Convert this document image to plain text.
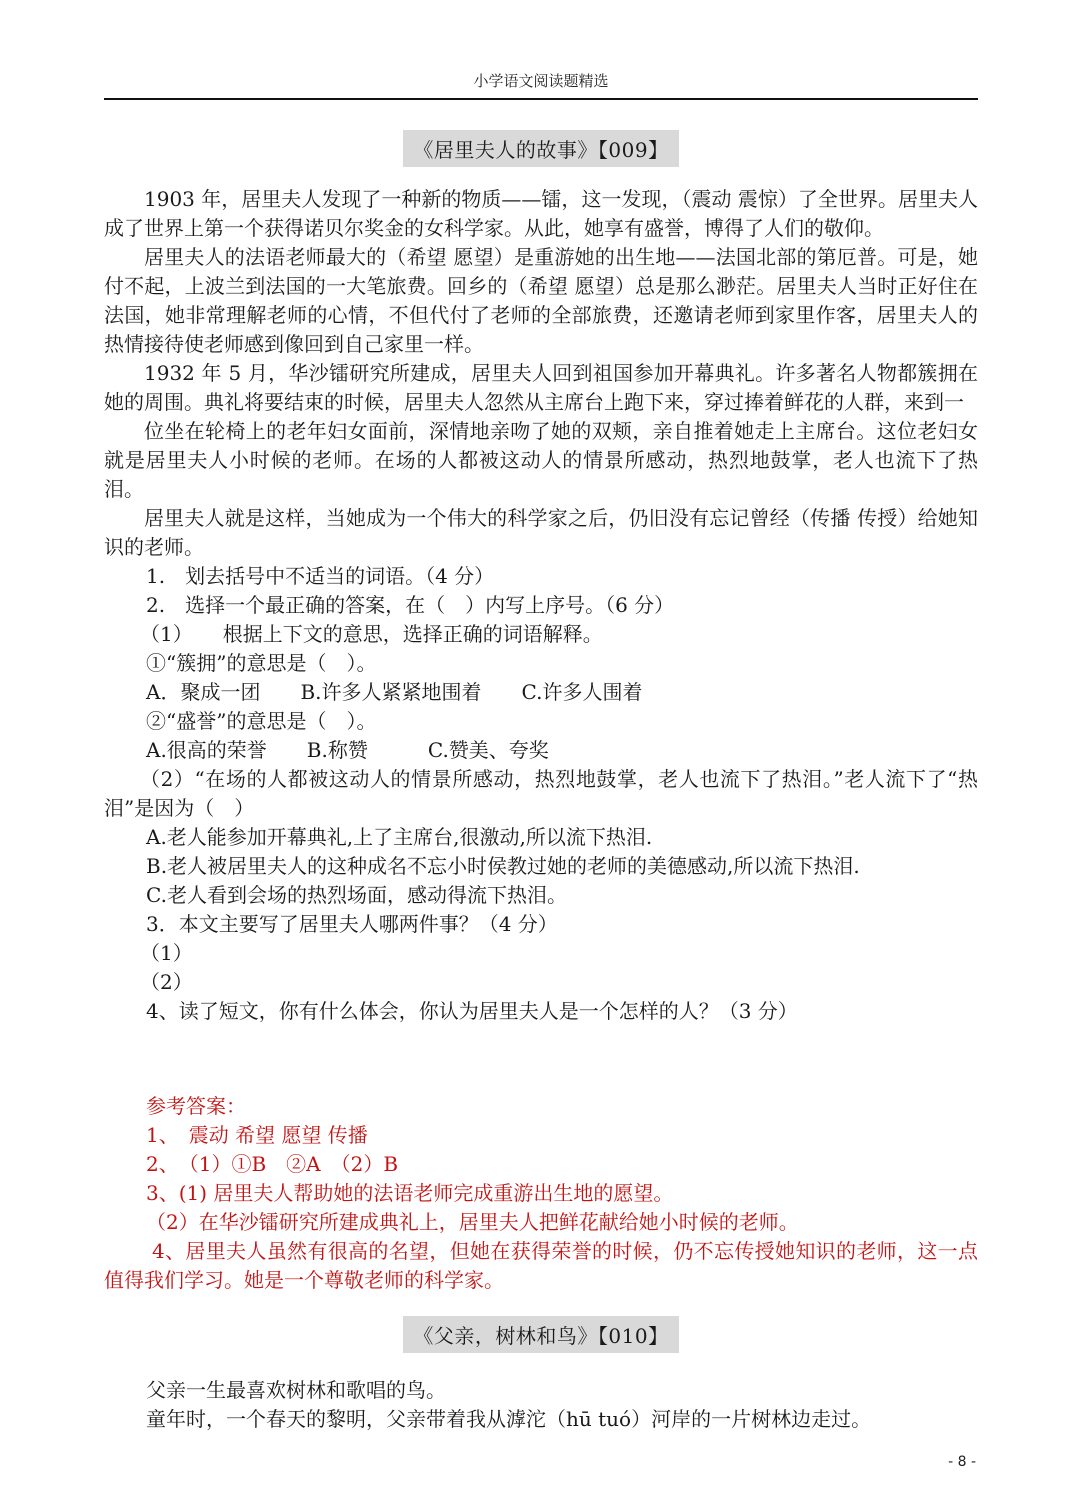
小学语文阅读题精选
《居里夫人的故事》【009】

1903 年，居里夫人发现了一种新的物质——镭，这一发现，（震动 震惊）了全世界。居里夫人成了世界上第一个获得诺贝尔奖金的女科学家。从此，她享有盛誉，博得了人们的敬仰。

居里夫人的法语老师最大的（希望 愿望）是重游她的出生地——法国北部的第厄普。可是，她付不起，上波兰到法国的一大笔旅费。回乡的（希望 愿望）总是那么渺茫。居里夫人当时正好住在法国，她非常理解老师的心情，不但代付了老师的全部旅费，还邀请老师到家里作客，居里夫人的热情接待使老师感到像回到自己家里一样。

1932 年 5 月，华沙镭研究所建成，居里夫人回到祖国参加开幕典礼。许多著名人物都簇拥在她的周围。典礼将要结束的时候，居里夫人忽然从主席台上跑下来，穿过捧着鲜花的人群，来到一

位坐在轮椅上的老年妇女面前，深情地亲吻了她的双颊，亲自推着她走上主席台。这位老妇女就是居里夫人小时候的老师。在场的人都被这动人的情景所感动，热烈地鼓掌，老人也流下了热泪。

居里夫人就是这样，当她成为一个伟大的科学家之后，仍旧没有忘记曾经（传播 传授）给她知识的老师。

1.　划去括号中不适当的词语。（4 分）

2.　选择一个最正确的答案，在（　）内写上序号。（6 分）

（1）　　根据上下文的意思，选择正确的词语解释。

①“簇拥”的意思是（　）。

A．聚成一团　　B.许多人紧紧地围着　　C.许多人围着

②“盛誉”的意思是（　）。

A.很高的荣誉　　B.称赞　　　C.赞美、夸奖

（2）“在场的人都被这动人的情景所感动，热烈地鼓掌，老人也流下了热泪。”老人流下了“热泪”是因为（　）

A.老人能参加开幕典礼,上了主席台,很激动,所以流下热泪.

B.老人被居里夫人的这种成名不忘小时侯教过她的老师的美德感动,所以流下热泪.

C.老人看到会场的热烈场面，感动得流下热泪。

3．本文主要写了居里夫人哪两件事？（4 分）

（1）

（2）

4、读了短文，你有什么体会，你认为居里夫人是一个怎样的人？（3 分）

参考答案：

1、　震动 希望 愿望 传播

2、　（1）①B　②A　（2）B

3、(1) 居里夫人帮助她的法语老师完成重游出生地的愿望。

（2）在华沙镭研究所建成典礼上，居里夫人把鲜花献给她小时候的老师。

4、居里夫人虽然有很高的名望，但她在获得荣誉的时候，仍不忘传授她知识的老师，这一点值得我们学习。她是一个尊敬老师的科学家。

《父亲，树林和鸟》【010】

父亲一生最喜欢树林和歌唱的鸟。

童年时，一个春天的黎明，父亲带着我从滹沱（hū tuó）河岸的一片树林边走过。

- 8 -
